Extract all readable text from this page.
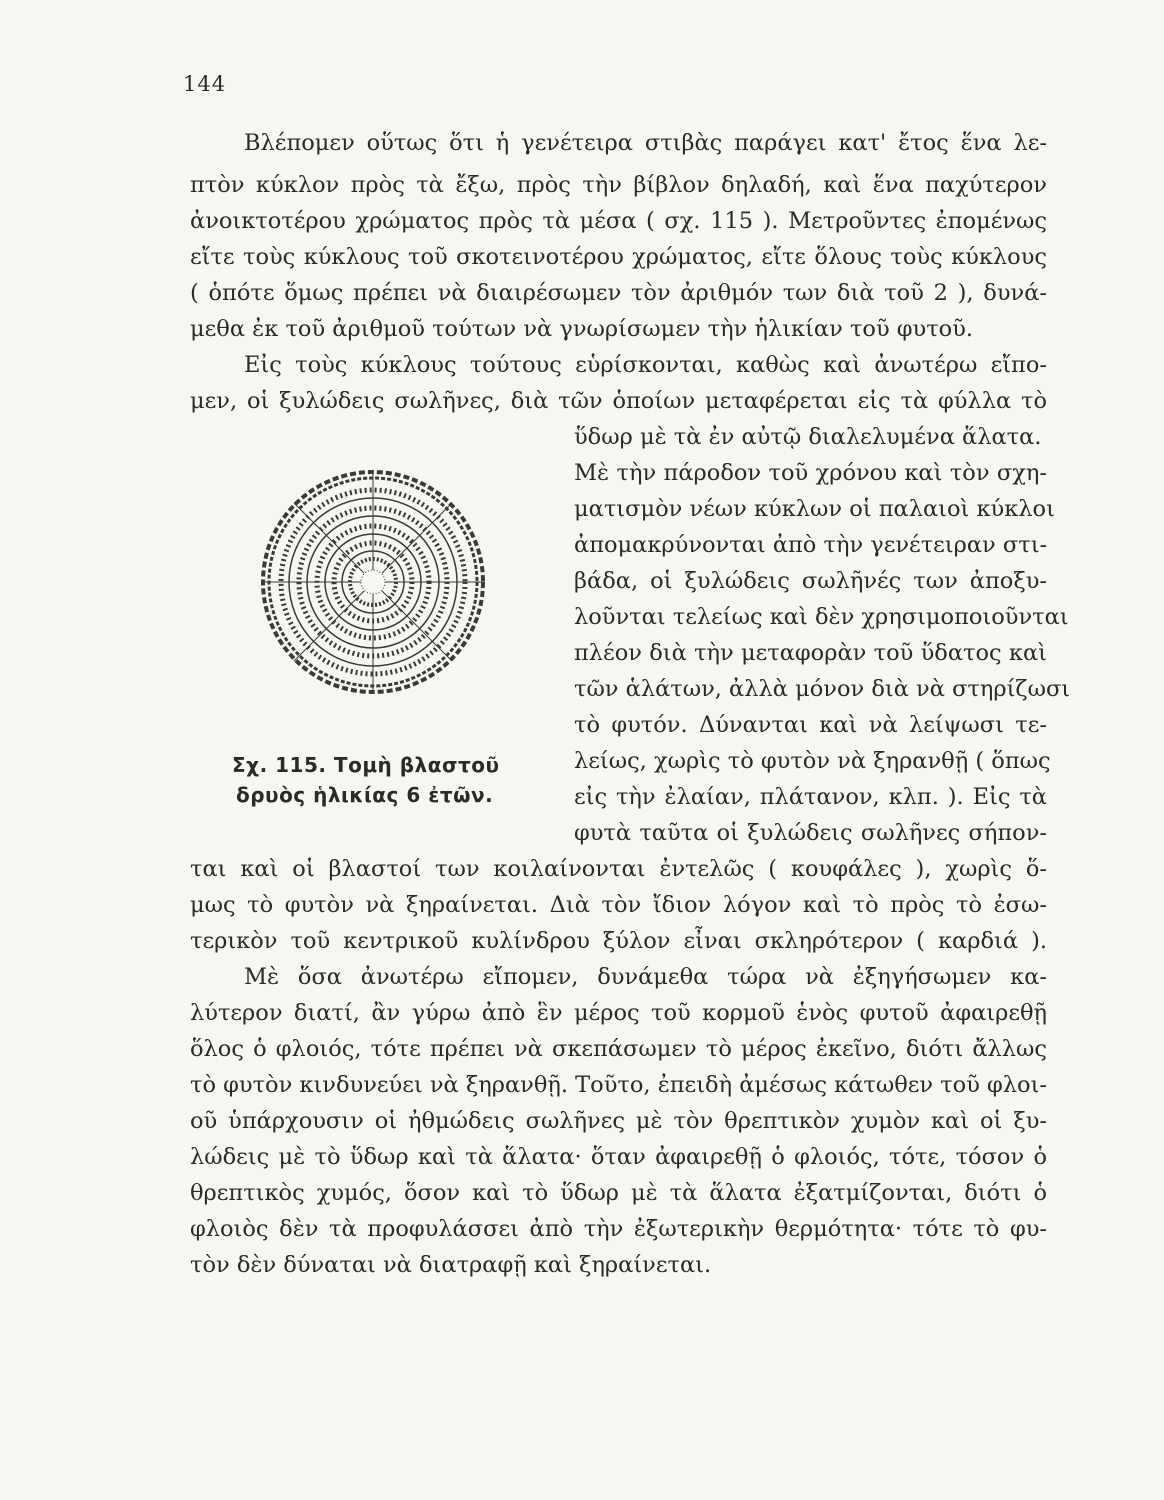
144
Βλέπομεν οὕτως ὅτι ἡ γενέτειρα στιβὰς παράγει κατ' ἔτος ἕνα λε-
πτὸν κύκλον πρὸς τὰ ἔξω, πρὸς τὴν βίβλον δηλαδή, καὶ ἕνα παχύτερον
ἀνοικτοτέρου χρώματος πρὸς τὰ μέσα ( σχ. 115 ). Μετροῦντες ἐπομένως
εἴτε τοὺς κύκλους τοῦ σκοτεινοτέρου χρώματος, εἴτε ὅλους τοὺς κύκλους
( ὁπότε ὅμως πρέπει νὰ διαιρέσωμεν τὸν ἀριθμόν των διὰ τοῦ 2 ), δυνά-
μεθα ἐκ τοῦ ἀριθμοῦ τούτων νὰ γνωρίσωμεν τὴν ἡλικίαν τοῦ φυτοῦ.
Εἰς τοὺς κύκλους τούτους εὑρίσκονται, καθὼς καὶ ἀνωτέρω εἴπο-
μεν, οἱ ξυλώδεις σωλῆνες, διὰ τῶν ὁποίων μεταφέρεται εἰς τὰ φύλλα τὸ
ὕδωρ μὲ τὰ ἐν αὐτῷ διαλελυμένα ἅλατα.
Μὲ τὴν πάροδον τοῦ χρόνου καὶ τὸν σχη-
ματισμὸν νέων κύκλων οἱ παλαιοὶ κύκλοι
ἀπομακρύνονται ἀπὸ τὴν γενέτειραν στι-
βάδα, οἱ ξυλώδεις σωλῆνές των ἀποξυ-
λοῦνται τελείως καὶ δὲν χρησιμοποιοῦνται
πλέον διὰ τὴν μεταφορὰν τοῦ ὕδατος καὶ
τῶν ἁλάτων, ἀλλὰ μόνον διὰ νὰ στηρίζωσι
τὸ φυτόν. Δύνανται καὶ νὰ λείψωσι τε-
λείως, χωρὶς τὸ φυτὸν νὰ ξηρανθῇ ( ὅπως
εἰς τὴν ἐλαίαν, πλάτανον, κλπ. ). Εἰς τὰ
φυτὰ ταῦτα οἱ ξυλώδεις σωλῆνες σήπον-
ται καὶ οἱ βλαστοί των κοιλαίνονται ἐντελῶς ( κουφάλες ), χωρὶς ὅ-
μως τὸ φυτὸν νὰ ξηραίνεται. Διὰ τὸν ἴδιον λόγον καὶ τὸ πρὸς τὸ ἐσω-
τερικὸν τοῦ κεντρικοῦ κυλίνδρου ξύλον εἶναι σκληρότερον ( καρδιά ).
Μὲ ὅσα ἀνωτέρω εἴπομεν, δυνάμεθα τώρα νὰ ἐξηγήσωμεν κα-
λύτερον διατί, ἂν γύρω ἀπὸ ἓν μέρος τοῦ κορμοῦ ἑνὸς φυτοῦ ἀφαιρεθῇ
ὅλος ὁ φλοιός, τότε πρέπει νὰ σκεπάσωμεν τὸ μέρος ἐκεῖνο, διότι ἄλλως
τὸ φυτὸν κινδυνεύει νὰ ξηρανθῇ. Τοῦτο, ἐπειδὴ ἀμέσως κάτωθεν τοῦ φλοι-
οῦ ὑπάρχουσιν οἱ ἠθμώδεις σωλῆνες μὲ τὸν θρεπτικὸν χυμὸν καὶ οἱ ξυ-
λώδεις μὲ τὸ ὕδωρ καὶ τὰ ἅλατα· ὅταν ἀφαιρεθῇ ὁ φλοιός, τότε, τόσον ὁ
θρεπτικὸς χυμός, ὅσον καὶ τὸ ὕδωρ μὲ τὰ ἅλατα ἐξατμίζονται, διότι ὁ
φλοιὸς δὲν τὰ προφυλάσσει ἀπὸ τὴν ἐξωτερικὴν θερμότητα· τότε τὸ φυ-
τὸν δὲν δύναται νὰ διατραφῇ καὶ ξηραίνεται.
Σχ. 115. Τομὴ βλαστοῦ
δρυὸς ἡλικίας 6 ἐτῶν.
